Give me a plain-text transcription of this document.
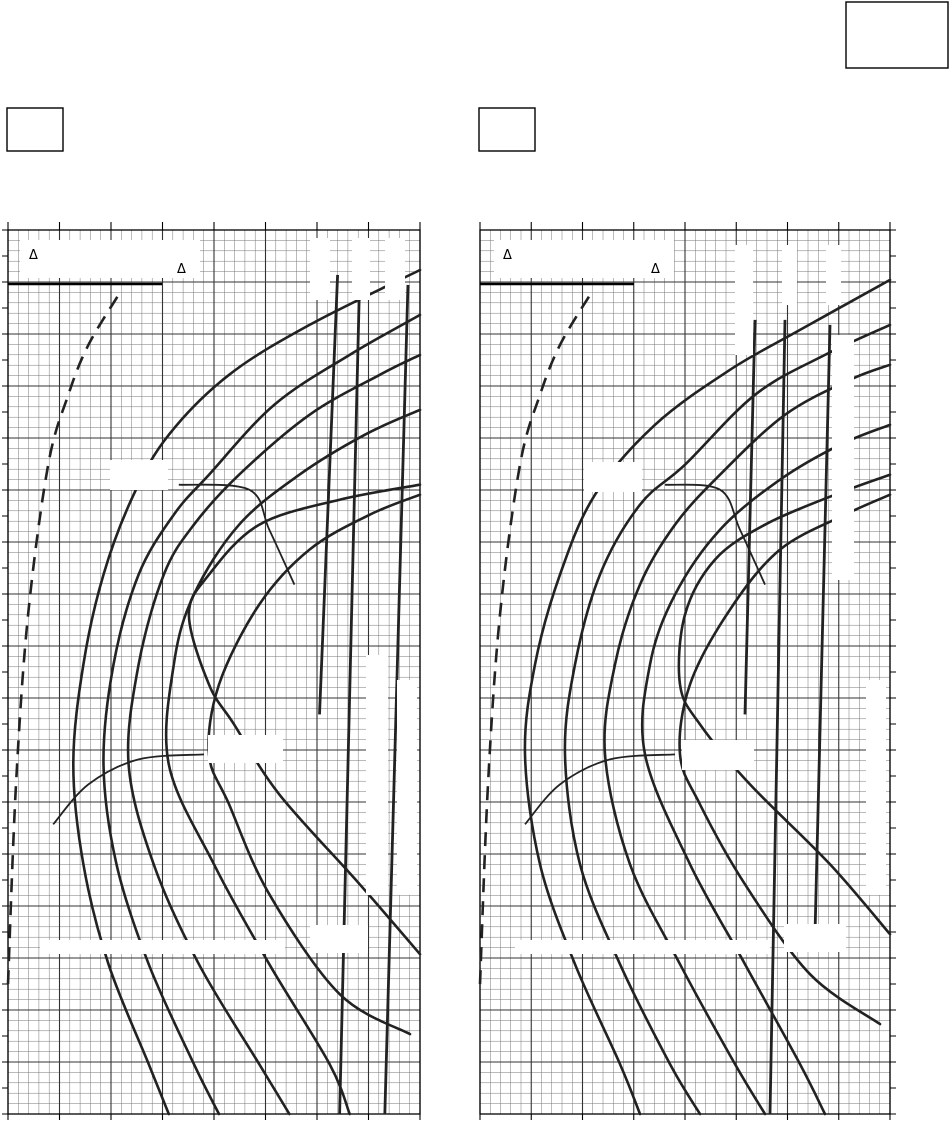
Δ
Δ
Δ
Δ
